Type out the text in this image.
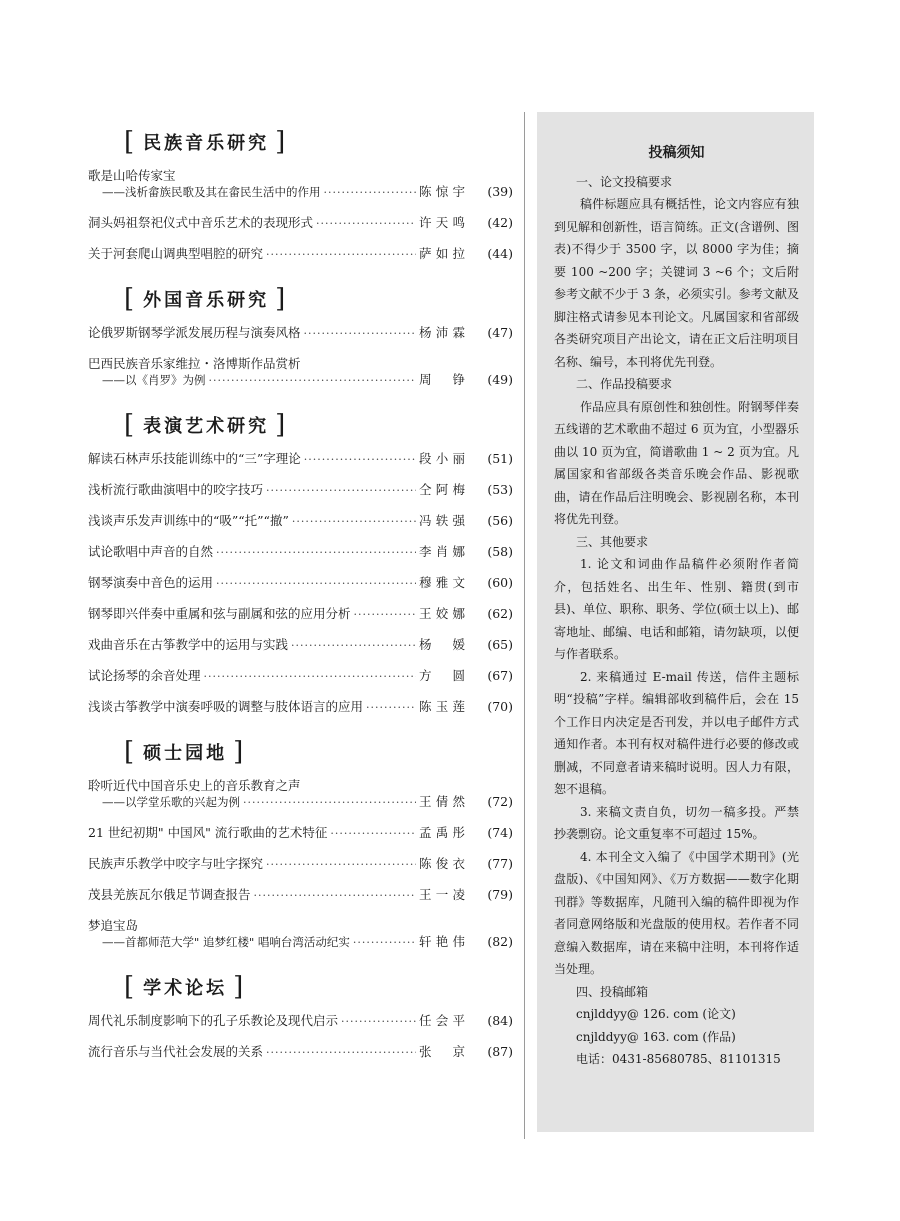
[ 民族音乐研究 ]
歌是山哈传家宝
——浅析畲族民歌及其在畲民生活中的作用 ·····	陈惊宇	(39)
洞头妈祖祭祀仪式中音乐艺术的表现形式 ·····	许天鸣	(42)
关于河套爬山调典型唱腔的研究 ·····	萨如拉	(44)
[ 外国音乐研究 ]
论俄罗斯钢琴学派发展历程与演奏风格 ·····	杨沛霖	(47)
巴西民族音乐家维拉・洛博斯作品赏析
——以《肖罗》为例 ·····	周铮	(49)
[ 表演艺术研究 ]
解读石林声乐技能训练中的“三”字理论 ·····	段小丽	(51)
浅析流行歌曲演唱中的咬字技巧 ·····	仝阿梅	(53)
浅谈声乐发声训练中的“吸”“托”“撤” ·····	冯轶强	(56)
试论歌唱中声音的自然 ·····	李肖娜	(58)
钢琴演奏中音色的运用 ·····	穆雅文	(60)
钢琴即兴伴奏中重属和弦与副属和弦的应用分析 ·····	王姣娜	(62)
戏曲音乐在古筝教学中的运用与实践 ·····	杨媛	(65)
试论扬琴的余音处理 ·····	方圆	(67)
浅谈古筝教学中演奏呼吸的调整与肢体语言的应用 ·····	陈玉莲	(70)
[ 硕士园地 ]
聆听近代中国音乐史上的音乐教育之声
——以学堂乐歌的兴起为例 ·····	王倩然	(72)
21 世纪初期" 中国风" 流行歌曲的艺术特征 ·····	孟禹彤	(74)
民族声乐教学中咬字与吐字探究 ·····	陈俊衣	(77)
茂县羌族瓦尔俄足节调查报告 ·····	王一凌	(79)
梦追宝岛
——首都师范大学" 追梦红楼" 唱响台湾活动纪实 ·····	轩艳伟	(82)
[ 学术论坛 ]
周代礼乐制度影响下的孔子乐教论及现代启示 ·····	任会平	(84)
流行音乐与当代社会发展的关系 ·····	张京	(87)
投稿须知
一、论文投稿要求

稿件标题应具有概括性，论文内容应有独到见解和创新性，语言简练。正文(含谱例、图表)不得少于 3500 字，以 8000 字为佳；摘要 100 ~200 字；关键词 3 ~6 个；文后附参考文献不少于 3 条，必须实引。参考文献及脚注格式请参见本刊论文。凡属国家和省部级各类研究项目产出论文，请在正文后注明项目名称、编号，本刊将优先刊登。

二、作品投稿要求

作品应具有原创性和独创性。附钢琴伴奏五线谱的艺术歌曲不超过 6 页为宜，小型器乐曲以 10 页为宜，简谱歌曲 1 ~ 2 页为宜。凡属国家和省部级各类音乐晚会作品、影视歌曲，请在作品后注明晚会、影视剧名称，本刊将优先刊登。

三、其他要求

1. 论文和词曲作品稿件必须附作者简介，包括姓名、出生年、性别、籍贯(到市县)、单位、职称、职务、学位(硕士以上)、邮寄地址、邮编、电话和邮箱，请勿缺项，以便与作者联系。

2. 来稿通过 E-mail 传送，信件主题标明“投稿”字样。编辑部收到稿件后，会在 15 个工作日内决定是否刊发，并以电子邮件方式通知作者。本刊有权对稿件进行必要的修改或删减，不同意者请来稿时说明。因人力有限，恕不退稿。

3. 来稿文责自负，切勿一稿多投。严禁抄袭剽窃。论文重复率不可超过 15%。

4. 本刊全文入编了《中国学术期刊》(光盘版)、《中国知网》、《万方数据——数字化期刊群》等数据库，凡随刊入编的稿件即视为作者同意网络版和光盘版的使用权。若作者不同意编入数据库，请在来稿中注明，本刊将作适当处理。

四、投稿邮箱
cnjlddyy@ 126. com (论文)
cnjlddyy@ 163. com (作品)
电话：0431-85680785、81101315
